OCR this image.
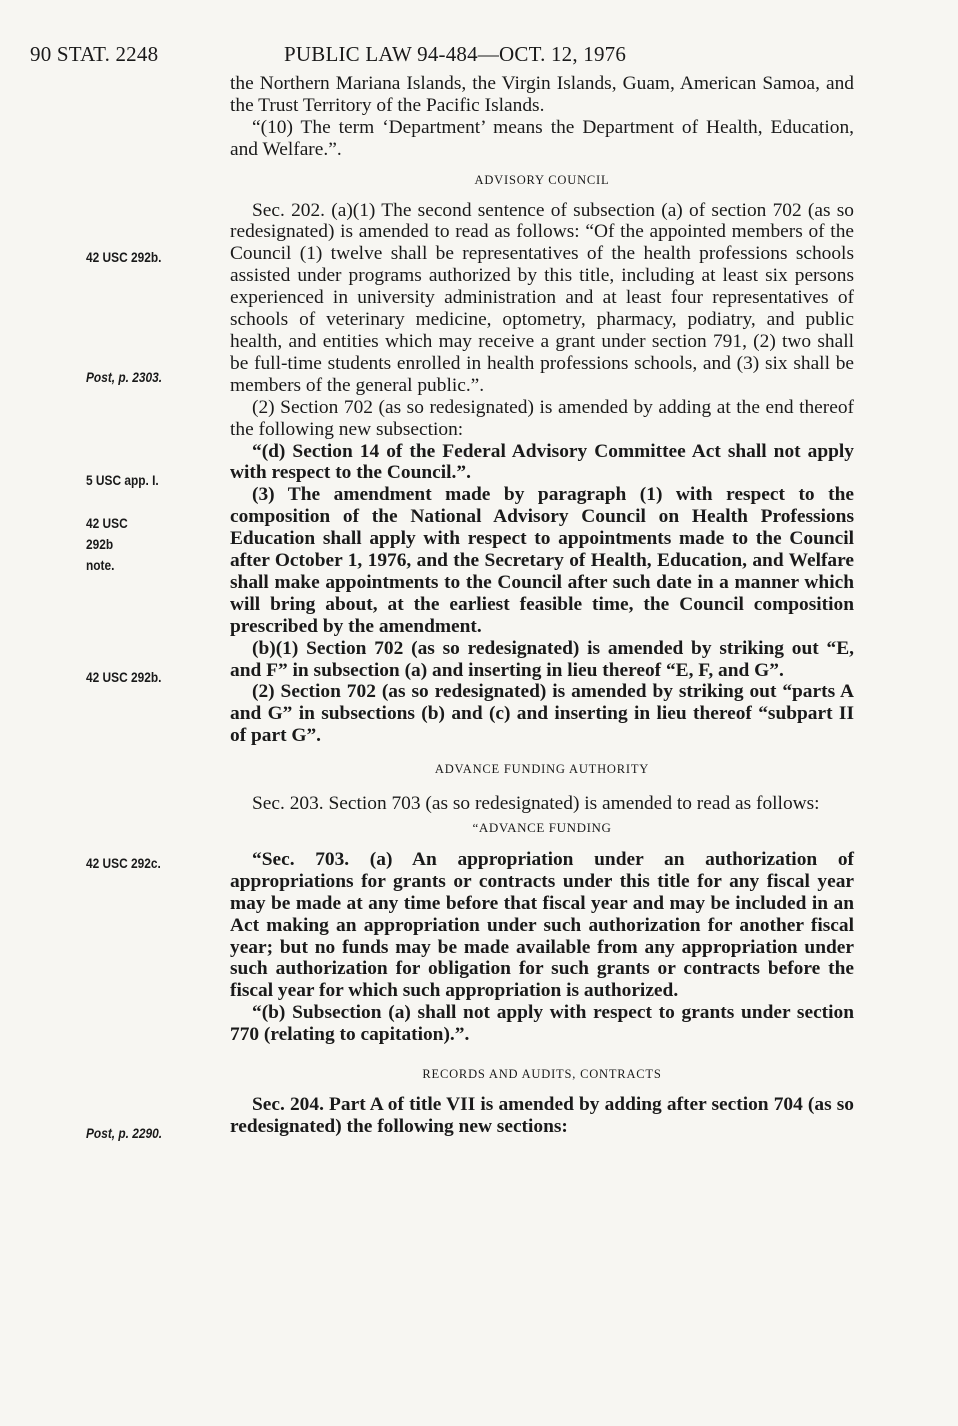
90 STAT. 2248	PUBLIC LAW 94-484—OCT. 12, 1976
42 USC 292b.
Post, p. 2303.
5 USC app. I.
42 USC 292b note.
42 USC 292b.
42 USC 292c.
Post, p. 2290.

the Northern Mariana Islands, the Virgin Islands, Guam, American Samoa, and the Trust Territory of the Pacific Islands.

“(10) The term ‘Department’ means the Department of Health, Education, and Welfare.”.

ADVISORY COUNCIL

Sec. 202. (a)(1) The second sentence of subsection (a) of section 702 (as so redesignated) is amended to read as follows: “Of the appointed members of the Council (1) twelve shall be representatives of the health professions schools assisted under programs authorized by this title, including at least six persons experienced in university administration and at least four representatives of schools of veterinary medicine, optometry, pharmacy, podiatry, and public health, and entities which may receive a grant under section 791, (2) two shall be full-time students enrolled in health professions schools, and (3) six shall be members of the general public.”.

(2) Section 702 (as so redesignated) is amended by adding at the end thereof the following new subsection:

“(d) Section 14 of the Federal Advisory Committee Act shall not apply with respect to the Council.”.

(3) The amendment made by paragraph (1) with respect to the composition of the National Advisory Council on Health Professions Education shall apply with respect to appointments made to the Council after October 1, 1976, and the Secretary of Health, Education, and Welfare shall make appointments to the Council after such date in a manner which will bring about, at the earliest feasible time, the Council composition prescribed by the amendment.

(b)(1) Section 702 (as so redesignated) is amended by striking out “E, and F” in subsection (a) and inserting in lieu thereof “E, F, and G”.

(2) Section 702 (as so redesignated) is amended by striking out “parts A and G” in subsections (b) and (c) and inserting in lieu thereof “subpart II of part G”.

ADVANCE FUNDING AUTHORITY

Sec. 203. Section 703 (as so redesignated) is amended to read as follows:

“ADVANCE FUNDING

“Sec. 703. (a) An appropriation under an authorization of appropriations for grants or contracts under this title for any fiscal year may be made at any time before that fiscal year and may be included in an Act making an appropriation under such authorization for another fiscal year; but no funds may be made available from any appropriation under such authorization for obligation for such grants or contracts before the fiscal year for which such appropriation is authorized.

“(b) Subsection (a) shall not apply with respect to grants under section 770 (relating to capitation).”.

RECORDS AND AUDITS, CONTRACTS

Sec. 204. Part A of title VII is amended by adding after section 704 (as so redesignated) the following new sections:
